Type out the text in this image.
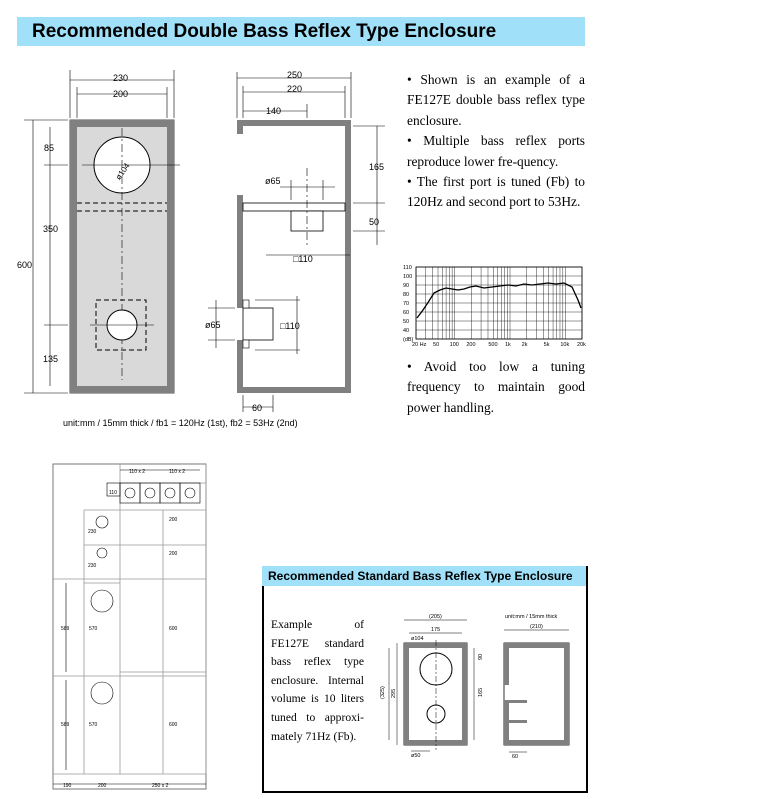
Recommended Double Bass Reflex Type Enclosure
ø104
230
200
85
350
600
135
250
220
140
165
50
ø65
□110
ø65	□110
60
unit:mm / 15mm thick / fb1 = 120Hz (1st), fb2 = 53Hz (2nd)

• Shown is an example of a FE127E double bass reflex type enclosure.

• Multiple bass reflex ports reproduce lower fre-quency.

• The first port is tuned (Fb) to 120Hz and second port to 53Hz.

110
100
90
80
70
60
50
40
(dB)
20 Hz 50 100 200 500 1k 2k	5k 10k 20k

• Avoid too low a tuning frequency to maintain good power handling.

110 x 2	110 x 2
110
200
200
230
230
589	570	600
589	570	600
190	200	250 x 2
Recommended Standard Bass Reflex Type Enclosure

Example of FE127E standard bass reflex type enclosure. Internal volume is 10 liters tuned to approxi-mately 71Hz (Fb).

(205)
175
ø104
(325) 295
90
165
ø50
unit:mm / 15mm thick
(210)
60
